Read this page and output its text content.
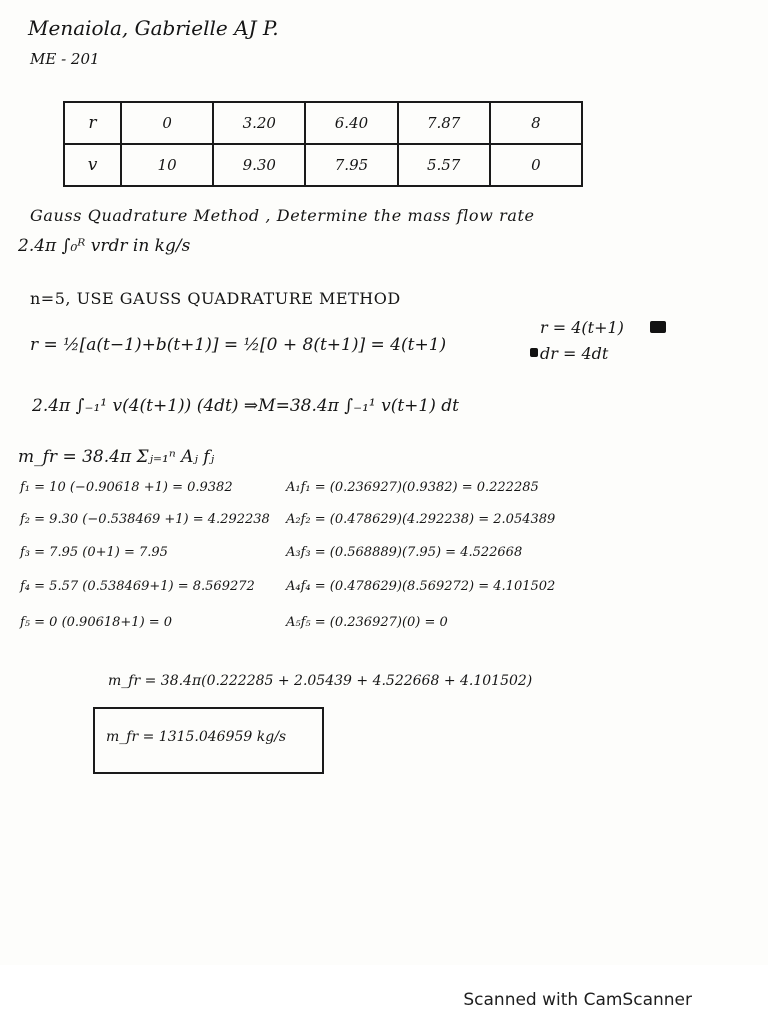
Menaiola, Gabrielle AJ P.
ME - 201
r	0	3.20	6.40	7.87	8
v	10	9.30	7.95	5.57	0
Gauss Quadrature Method , Determine the mass flow rate
2.4π ∫₀ᴿ vrdr in kg/s
n=5, USE GAUSS QUADRATURE METHOD
r = ½[a(t−1)+b(t+1)] = ½[0 + 8(t+1)] = 4(t+1)
r = 4(t+1)
dr = 4dt
2.4π ∫₋₁¹ v(4(t+1)) (4dt) ⇒M=38.4π ∫₋₁¹ v(t+1) dt
m_fr = 38.4π Σⱼ₌₁ⁿ Aⱼ fⱼ
f₁ = 10 (−0.90618 +1) = 0.9382	A₁f₁ = (0.236927)(0.9382) = 0.222285
f₂ = 9.30 (−0.538469 +1) = 4.292238 A₂f₂ = (0.478629)(4.292238) = 2.054389
f₃ = 7.95 (0+1) = 7.95	A₃f₃ = (0.568889)(7.95) = 4.522668
f₄ = 5.57 (0.538469+1) = 8.569272 A₄f₄ = (0.478629)(8.569272) = 4.101502
f₅ = 0 (0.90618+1) = 0	A₅f₅ = (0.236927)(0) = 0
m_fr = 38.4π(0.222285 + 2.05439 + 4.522668 + 4.101502)
m_fr = 1315.046959 kg/s
Scanned with CamScanner
